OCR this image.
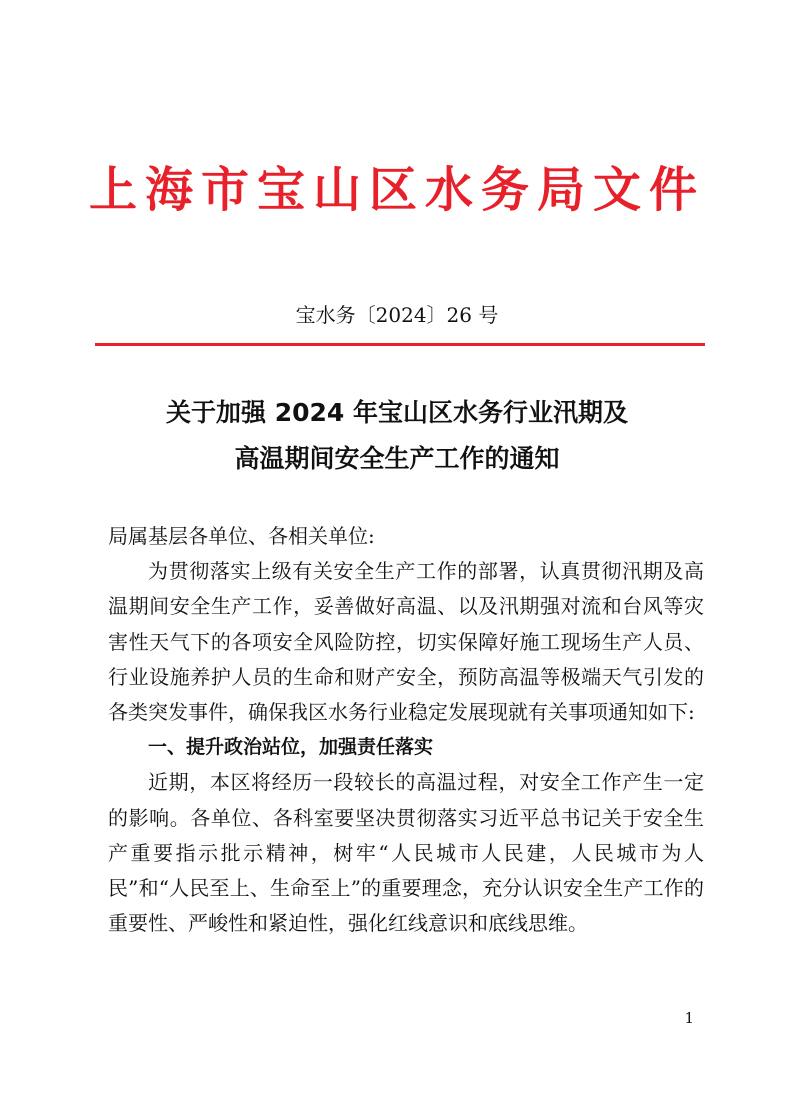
上海市宝山区水务局文件
宝水务〔2024〕26 号
关于加强 2024 年宝山区水务行业汛期及
高温期间安全生产工作的通知

局属基层各单位、各相关单位:

为贯彻落实上级有关安全生产工作的部署，认真贯彻汛期及高温期间安全生产工作，妥善做好高温、以及汛期强对流和台风等灾害性天气下的各项安全风险防控，切实保障好施工现场生产人员、行业设施养护人员的生命和财产安全，预防高温等极端天气引发的各类突发事件，确保我区水务行业稳定发展现就有关事项通知如下:

一、提升政治站位，加强责任落实

近期，本区将经历一段较长的高温过程，对安全工作产生一定的影响。各单位、各科室要坚决贯彻落实习近平总书记关于安全生产重要指示批示精神，树牢“人民城市人民建，人民城市为人民”和“人民至上、生命至上”的重要理念，充分认识安全生产工作的重要性、严峻性和紧迫性，强化红线意识和底线思维。

1
